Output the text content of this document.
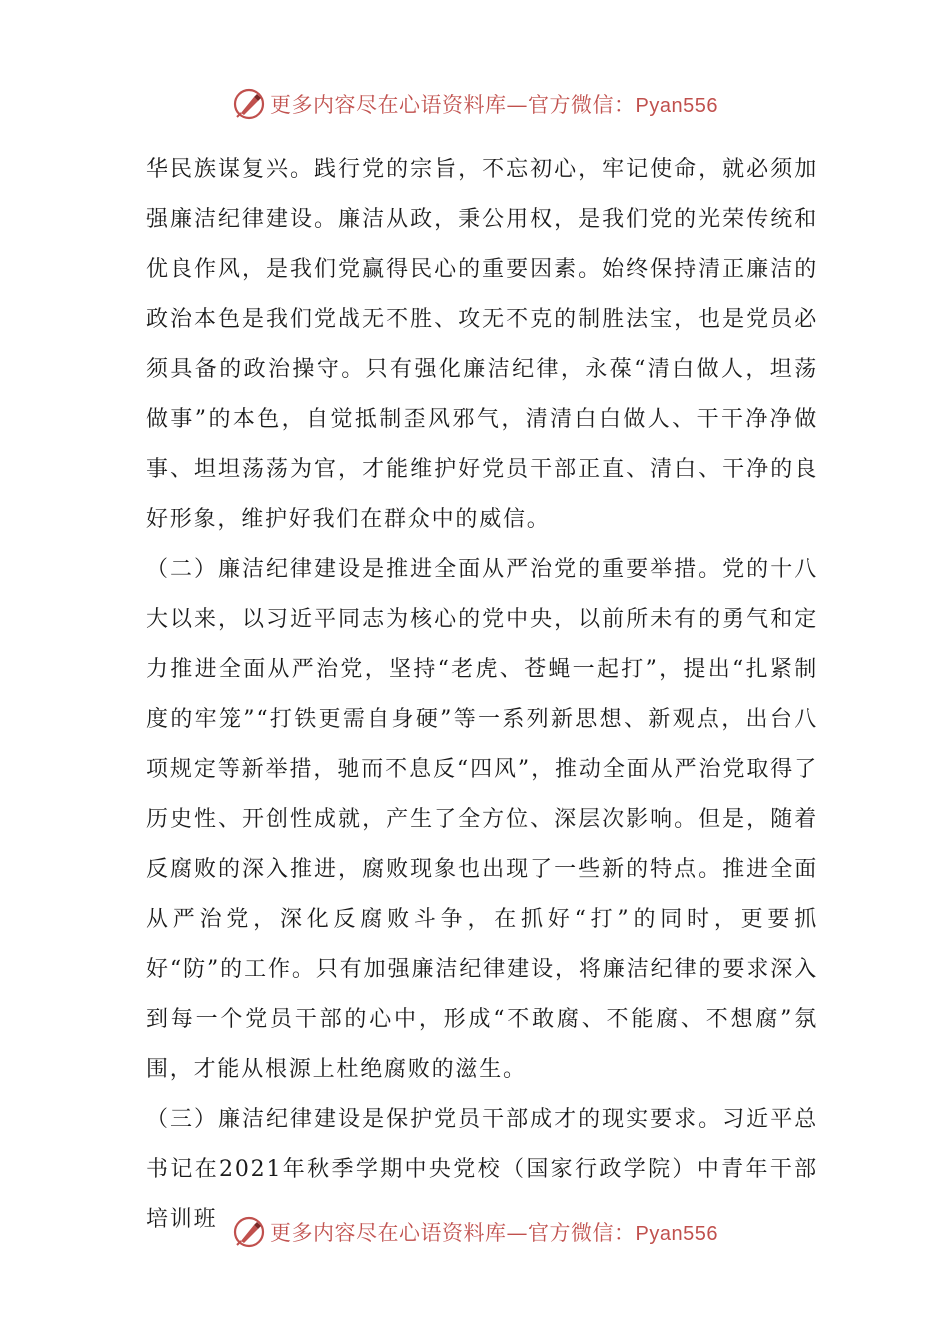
更多内容尽在心语资料库—官方微信：Pyan556

华民族谋复兴。践行党的宗旨，不忘初心，牢记使命，就必须加强廉洁纪律建设。廉洁从政，秉公用权，是我们党的光荣传统和优良作风，是我们党赢得民心的重要因素。始终保持清正廉洁的政治本色是我们党战无不胜、攻无不克的制胜法宝，也是党员必须具备的政治操守。只有强化廉洁纪律，永葆“清白做人，坦荡做事”的本色，自觉抵制歪风邪气，清清白白做人、干干净净做事、坦坦荡荡为官，才能维护好党员干部正直、清白、干净的良好形象，维护好我们在群众中的威信。

（二）廉洁纪律建设是推进全面从严治党的重要举措。党的十八大以来，以习近平同志为核心的党中央，以前所未有的勇气和定力推进全面从严治党，坚持“老虎、苍蝇一起打”，提出“扎紧制度的牢笼”“打铁更需自身硬”等一系列新思想、新观点，出台八项规定等新举措，驰而不息反“四风”，推动全面从严治党取得了历史性、开创性成就，产生了全方位、深层次影响。但是，随着反腐败的深入推进，腐败现象也出现了一些新的特点。推进全面从严治党，深化反腐败斗争，在抓好“打”的同时，更要抓好“防”的工作。只有加强廉洁纪律建设，将廉洁纪律的要求深入到每一个党员干部的心中，形成“不敢腐、不能腐、不想腐”氛围，才能从根源上杜绝腐败的滋生。

（三）廉洁纪律建设是保护党员干部成才的现实要求。习近平总书记在2021年秋季学期中央党校（国家行政学院）中青年干部培训班

更多内容尽在心语资料库—官方微信：Pyan556
